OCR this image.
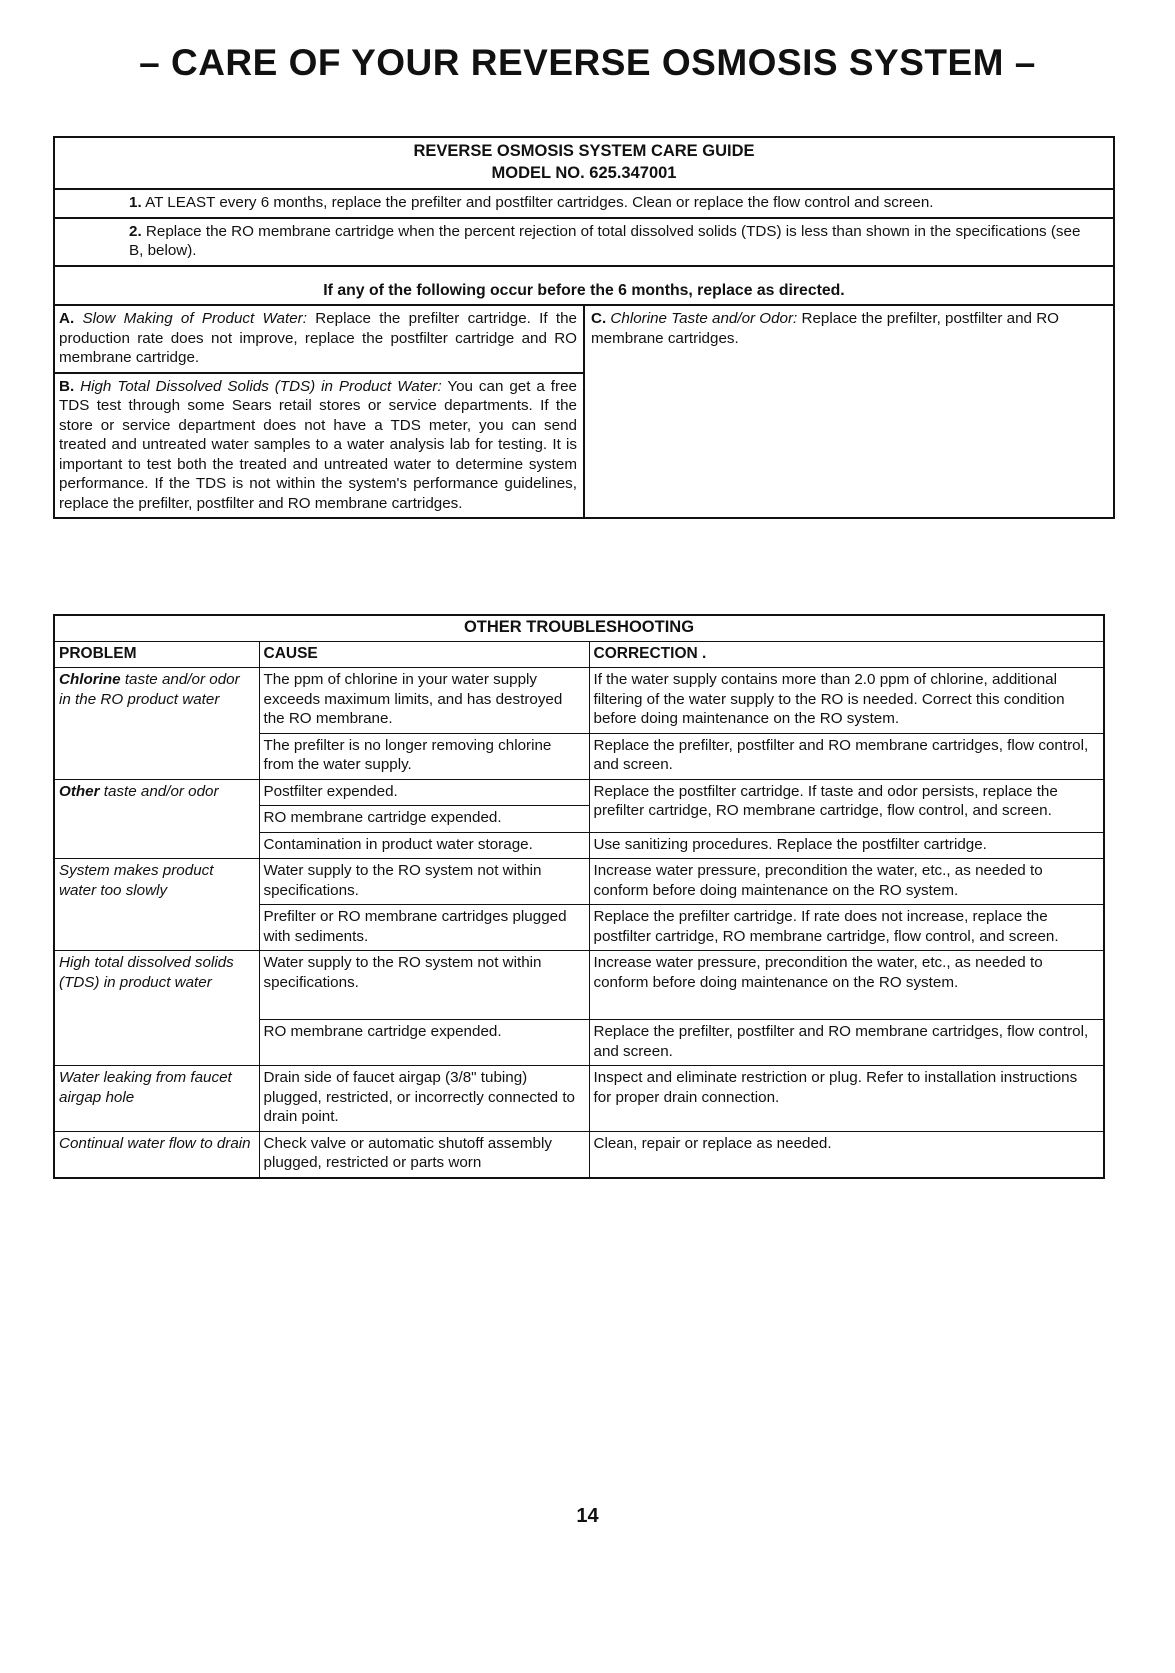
– CARE OF YOUR REVERSE OSMOSIS SYSTEM –
REVERSE OSMOSIS SYSTEM CARE GUIDE
MODEL NO. 625.347001
1. AT LEAST every 6 months, replace the prefilter and postfilter cartridges. Clean or replace the flow control and screen.
2. Replace the RO membrane cartridge when the percent rejection of total dissolved solids (TDS) is less than shown in the specifications (see B, below).
If any of the following occur before the 6 months, replace as directed.
A. Slow Making of Product Water: Replace the prefilter cartridge. If the production rate does not improve, replace the postfilter cartridge and RO membrane cartridge.
B. High Total Dissolved Solids (TDS) in Product Water: You can get a free TDS test through some Sears retail stores or service departments. If the store or service department does not have a TDS meter, you can send treated and untreated water samples to a water analysis lab for testing. It is important to test both the treated and untreated water to determine system performance. If the TDS is not within the system's performance guidelines, replace the prefilter, postfilter and RO membrane cartridges.
C. Chlorine Taste and/or Odor: Replace the prefilter, postfilter and RO membrane cartridges.
OTHER TROUBLESHOOTING		
PROBLEM	CAUSE	CORRECTION .
Chlorine taste and/or odor in the RO product water	The ppm of chlorine in your water supply exceeds maximum limits, and has destroyed the RO membrane.	If the water supply contains more than 2.0 ppm of chlorine, additional filtering of the water supply to the RO is needed. Correct this condition before doing maintenance on the RO system.
	The prefilter is no longer removing chlorine from the water supply.	Replace the prefilter, postfilter and RO membrane cartridges, flow control, and screen.
Other taste and/or odor	Postfilter expended.	Replace the postfilter cartridge. If taste and odor persists, replace the prefilter cartridge, RO membrane cartridge, flow control, and screen.
	RO membrane cartridge expended.	
	Contamination in product water storage.	Use sanitizing procedures. Replace the postfilter cartridge.
System makes product water too slowly	Water supply to the RO system not within specifications.	Increase water pressure, precondition the water, etc., as needed to conform before doing maintenance on the RO system.
	Prefilter or RO membrane cartridges plugged with sediments.	Replace the prefilter cartridge. If rate does not increase, replace the postfilter cartridge, RO membrane cartridge, flow control, and screen.
High total dissolved solids (TDS) in product water	Water supply to the RO system not within specifications.	Increase water pressure, precondition the water, etc., as needed to conform before doing maintenance on the RO system.
	RO membrane cartridge expended.	Replace the prefilter, postfilter and RO membrane cartridges, flow control, and screen.
Water leaking from faucet airgap hole	Drain side of faucet airgap (3/8" tubing) plugged, restricted, or incorrectly connected to drain point.	Inspect and eliminate restriction or plug. Refer to installation instructions for proper drain connection.
Continual water flow to drain	Check valve or automatic shutoff assembly plugged, restricted or parts worn	Clean, repair or replace as needed.
14
